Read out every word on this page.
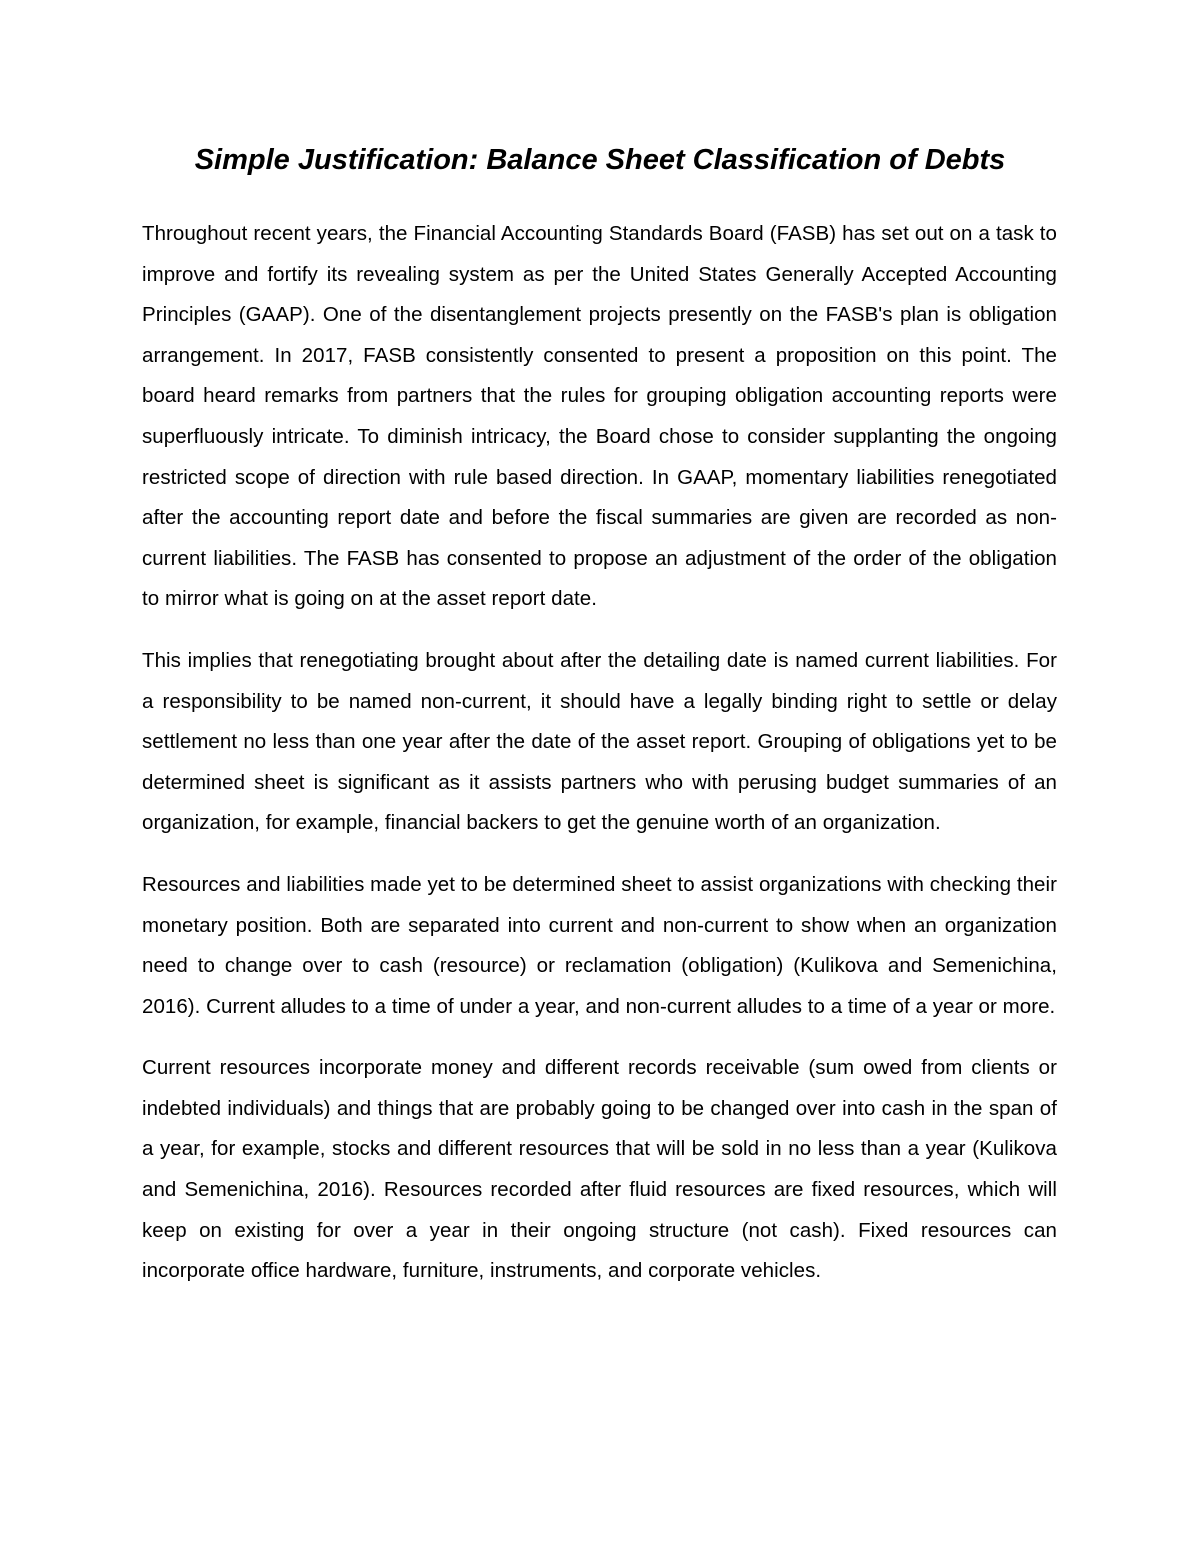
Simple Justification: Balance Sheet Classification of Debts

Throughout recent years, the Financial Accounting Standards Board (FASB) has set out on a task to improve and fortify its revealing system as per the United States Generally Accepted Accounting Principles (GAAP). One of the disentanglement projects presently on the FASB's plan is obligation arrangement. In 2017, FASB consistently consented to present a proposition on this point. The board heard remarks from partners that the rules for grouping obligation accounting reports were superfluously intricate. To diminish intricacy, the Board chose to consider supplanting the ongoing restricted scope of direction with rule based direction. In GAAP, momentary liabilities renegotiated after the accounting report date and before the fiscal summaries are given are recorded as non-current liabilities. The FASB has consented to propose an adjustment of the order of the obligation to mirror what is going on at the asset report date.

This implies that renegotiating brought about after the detailing date is named current liabilities. For a responsibility to be named non-current, it should have a legally binding right to settle or delay settlement no less than one year after the date of the asset report. Grouping of obligations yet to be determined sheet is significant as it assists partners who with perusing budget summaries of an organization, for example, financial backers to get the genuine worth of an organization.

Resources and liabilities made yet to be determined sheet to assist organizations with checking their monetary position. Both are separated into current and non-current to show when an organization need to change over to cash (resource) or reclamation (obligation) (Kulikova and Semenichina, 2016). Current alludes to a time of under a year, and non-current alludes to a time of a year or more.

Current resources incorporate money and different records receivable (sum owed from clients or indebted individuals) and things that are probably going to be changed over into cash in the span of a year, for example, stocks and different resources that will be sold in no less than a year (Kulikova and Semenichina, 2016). Resources recorded after fluid resources are fixed resources, which will keep on existing for over a year in their ongoing structure (not cash). Fixed resources can incorporate office hardware, furniture, instruments, and corporate vehicles.
